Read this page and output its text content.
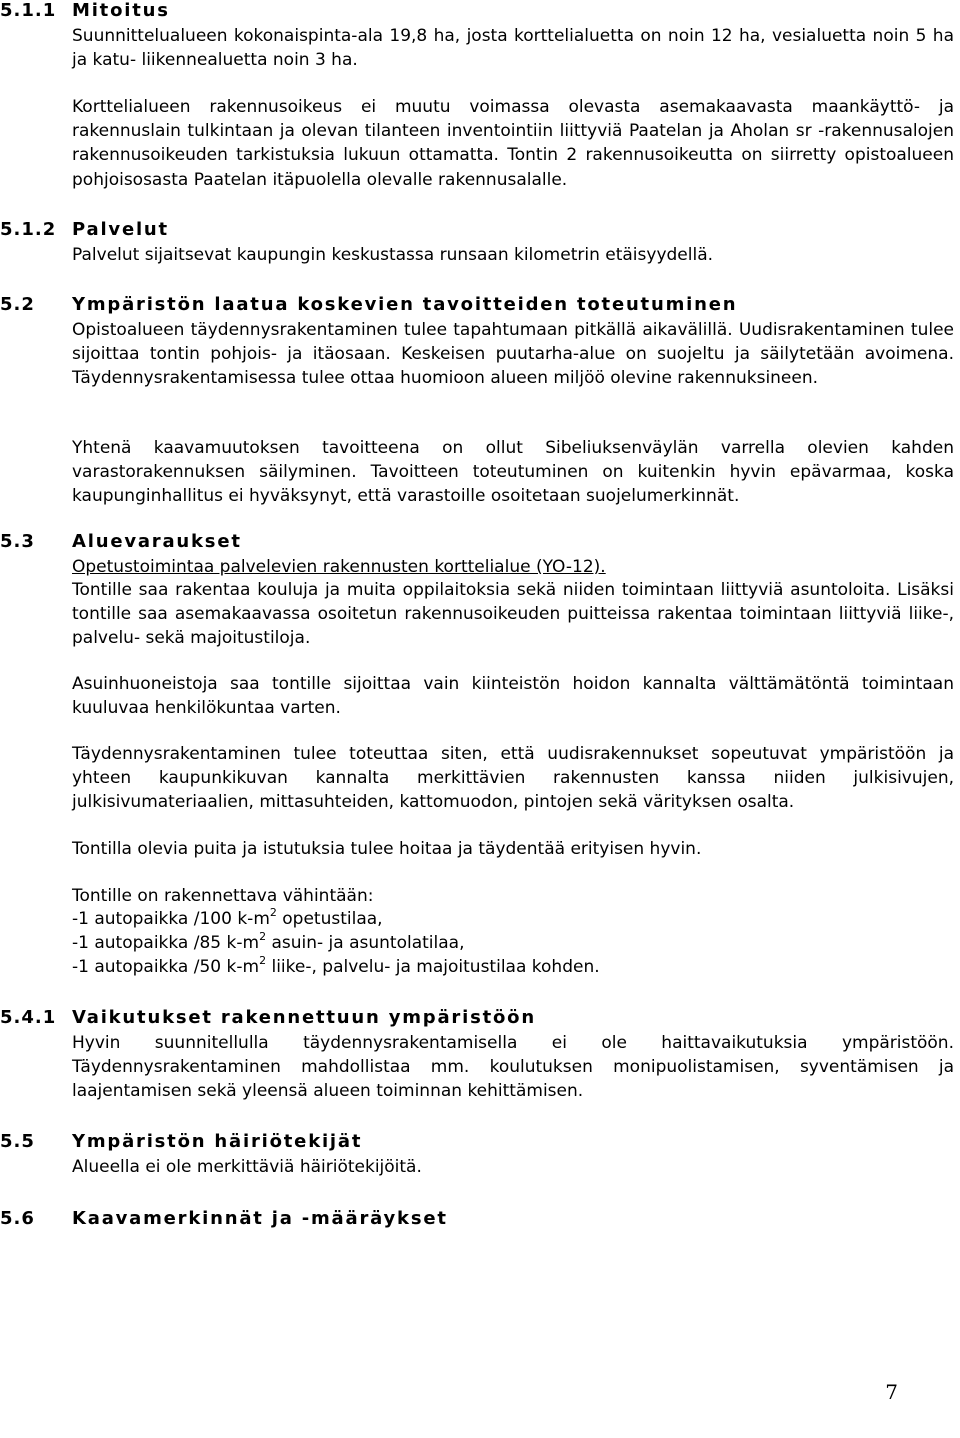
5.1.1 Mitoitus
Suunnittelualueen kokonaispinta-ala 19,8 ha, josta korttelialuetta on noin 12 ha, vesialuetta noin 5 ha ja katu- liikennealuetta noin 3 ha.
Korttelialueen rakennusoikeus ei muutu voimassa olevasta asemakaavasta maankäyttö- ja rakennuslain tulkintaan ja olevan tilanteen inventointiin liittyviä Paatelan ja Aholan sr -rakennusalojen rakennusoikeuden tarkistuksia lukuun ottamatta. Tontin 2 rakennusoikeutta on siirretty opistoalueen pohjoisosasta Paatelan itäpuolella olevalle rakennusalalle.
5.1.2 Palvelut
Palvelut sijaitsevat kaupungin keskustassa runsaan kilometrin etäisyydellä.
5.2 Ympäristön laatua koskevien tavoitteiden toteutuminen
Opistoalueen täydennysrakentaminen tulee tapahtumaan pitkällä aikavälillä. Uudisrakentaminen tulee sijoittaa tontin pohjois- ja itäosaan. Keskeisen puutarha-alue on suojeltu ja säilytetään avoimena. Täydennysrakentamisessa tulee ottaa huomioon alueen miljöö olevine rakennuksineen.
Yhtenä kaavamuutoksen tavoitteena on ollut Sibeliuksenväylän varrella olevien kahden varastorakennuksen säilyminen. Tavoitteen toteutuminen on kuitenkin hyvin epävarmaa, koska kaupunginhallitus ei hyväksynyt, että varastoille osoitetaan suojelumerkinnät.
5.3 Aluevaraukset
Opetustoimintaa palvelevien rakennusten korttelialue (YO-12).
Tontille saa rakentaa kouluja ja muita oppilaitoksia sekä niiden toimintaan liittyviä asuntoloita. Lisäksi tontille saa asemakaavassa osoitetun rakennusoikeuden puitteissa rakentaa toimintaan liittyviä liike-, palvelu- sekä majoitustiloja.
Asuinhuoneistoja saa tontille sijoittaa vain kiinteistön hoidon kannalta välttämätöntä toimintaan kuuluvaa henkilökuntaa varten.
Täydennysrakentaminen tulee toteuttaa siten, että uudisrakennukset sopeutuvat ympäristöön ja yhteen kaupunkikuvan kannalta merkittävien rakennusten kanssa niiden julkisivujen, julkisivumateriaalien, mittasuhteiden, kattomuodon, pintojen sekä värityksen osalta.
Tontilla olevia puita ja istutuksia tulee hoitaa ja täydentää erityisen hyvin.
Tontille on rakennettava vähintään:
-1 autopaikka /100 $k-m^2$ opetustilaa,
-1 autopaikka /85 $k-m^2$ asuin- ja asuntolatilaa,
-1 autopaikka /50 $k-m^2$ liike-, palvelu- ja majoitustilaa kohden.
5.4.1 Vaikutukset rakennettuun ympäristöön
Hyvin suunnitellulla täydennysrakentamisella ei ole haittavaikutuksia ympäristöön. Täydennysrakentaminen mahdollistaa mm. koulutuksen monipuolistamisen, syventämisen ja laajentamisen sekä yleensä alueen toiminnan kehittämisen.
5.5 Ympäristön häiriötekijät
Alueella ei ole merkittäviä häiriötekijöitä.
5.6 Kaavamerkinnät ja -määräykset
7
